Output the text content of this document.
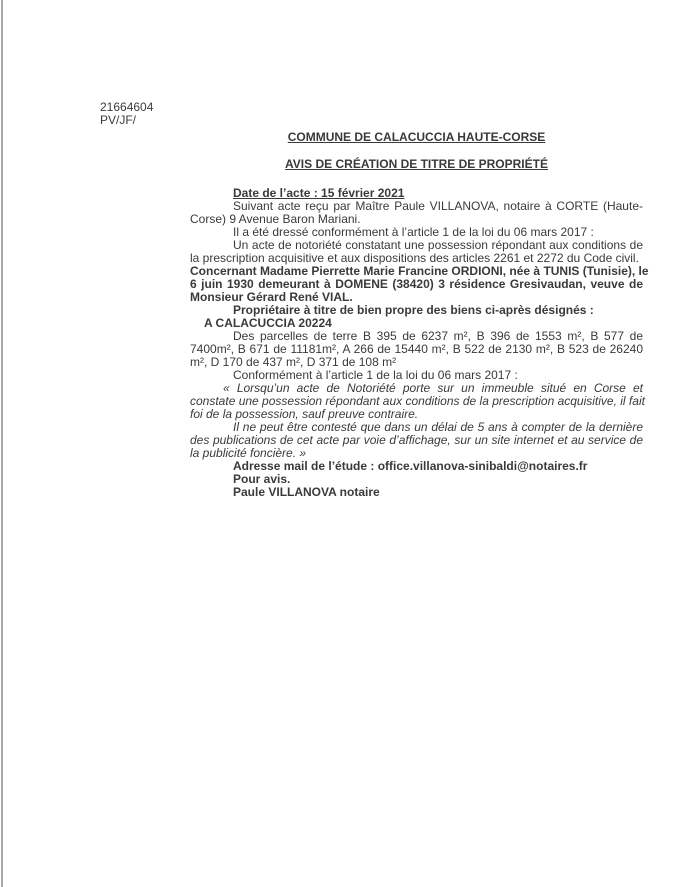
21664604
PV/JF/
COMMUNE DE CALACUCCIA HAUTE-CORSE
AVIS DE CRÉATION DE TITRE DE PROPRIÉTÉ
Date de l’acte : 15 février 2021
Suivant acte reçu par Maître Paule VILLANOVA, notaire à CORTE (Haute-
Corse) 9 Avenue Baron Mariani.
Il a été dressé conformément à l’article 1 de la loi du 06 mars 2017 :
Un acte de notoriété constatant une possession répondant aux conditions de
la prescription acquisitive et aux dispositions des articles 2261 et 2272 du Code civil.
Concernant Madame Pierrette Marie Francine ORDIONI, née à TUNIS (Tunisie), le
6 juin 1930 demeurant à DOMENE (38420) 3 résidence Gresivaudan, veuve de
Monsieur Gérard René VIAL.
Propriétaire à titre de bien propre des biens ci-après désignés :
A CALACUCCIA 20224
Des parcelles de terre B 395 de 6237 m², B 396 de 1553 m², B 577 de
7400m², B 671 de 11181m², A 266 de 15440 m², B 522 de 2130 m², B 523 de 26240
m², D 170 de 437 m², D 371 de 108 m²
Conformément à l’article 1 de la loi du 06 mars 2017 :
« Lorsqu’un acte de Notoriété porte sur un immeuble situé en Corse et
constate une possession répondant aux conditions de la prescription acquisitive, il fait
foi de la possession, sauf preuve contraire.
Il ne peut être contesté que dans un délai de 5 ans à compter de la dernière
des publications de cet acte par voie d’affichage, sur un site internet et au service de
la publicité foncière. »
Adresse mail de l’étude : office.villanova-sinibaldi@notaires.fr
Pour avis.
Paule VILLANOVA notaire
